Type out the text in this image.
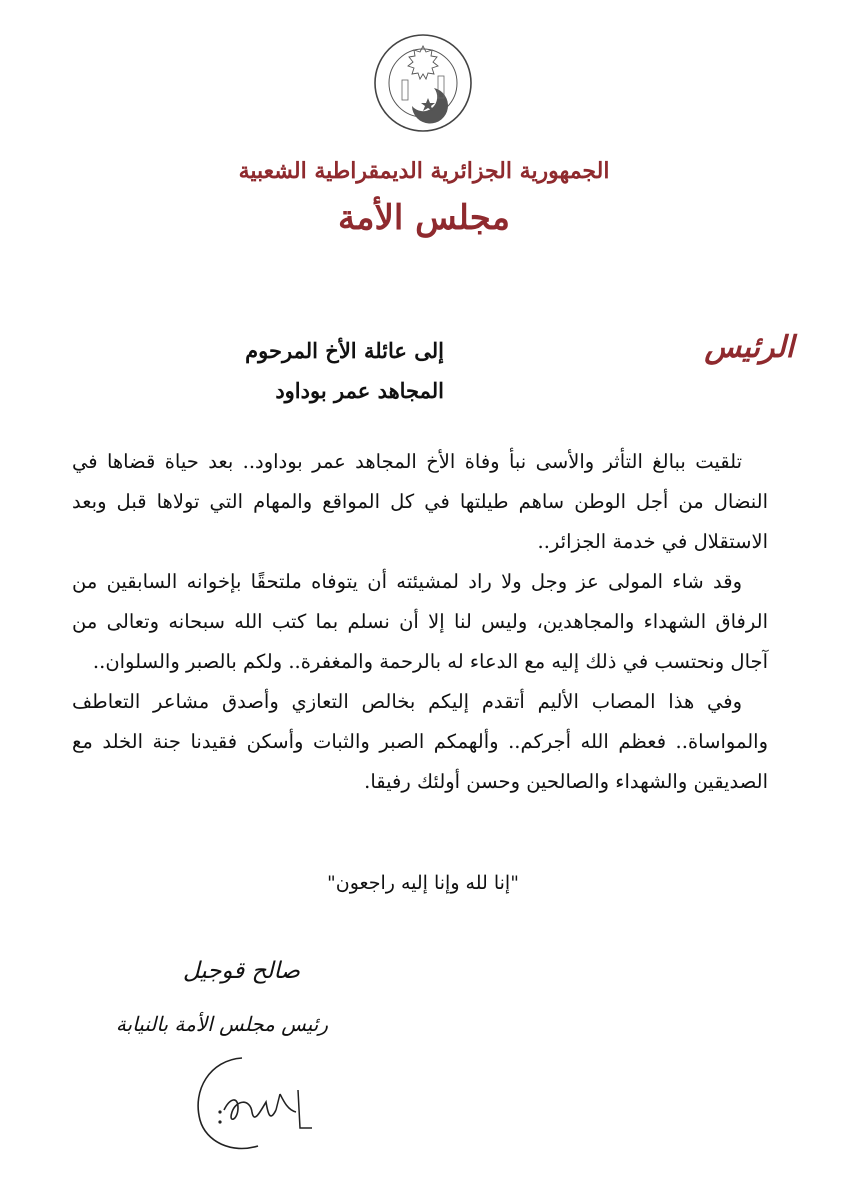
الجمهورية الجزائرية الديمقراطية الشعبية
مجلس الأمة
الرئيس
إلى عائلة الأخ المرحوم
المجاهد عمر بوداود

تلقيت ببالغ التأثر والأسى نبأ وفاة الأخ المجاهد عمر بوداود.. بعد حياة قضاها في النضال من أجل الوطن ساهم طيلتها في كل المواقع والمهام التي تولاها قبل وبعد الاستقلال في خدمة الجزائر..

وقد شاء المولى عز وجل ولا راد لمشيئته أن يتوفاه ملتحقًا بإخوانه السابقين من الرفاق الشهداء والمجاهدين، وليس لنا إلا أن نسلم بما كتب الله سبحانه وتعالى من آجال ونحتسب في ذلك إليه مع الدعاء له بالرحمة والمغفرة.. ولكم بالصبر والسلوان..

وفي هذا المصاب الأليم أتقدم إليكم بخالص التعازي وأصدق مشاعر التعاطف والمواساة.. فعظم الله أجركم.. وألهمكم الصبر والثبات وأسكن فقيدنا جنة الخلد مع الصديقين والشهداء والصالحين وحسن أولئك رفيقا.

"إنا لله وإنا إليه راجعون"
صالح قوجيل
رئيس مجلس الأمة بالنيابة
